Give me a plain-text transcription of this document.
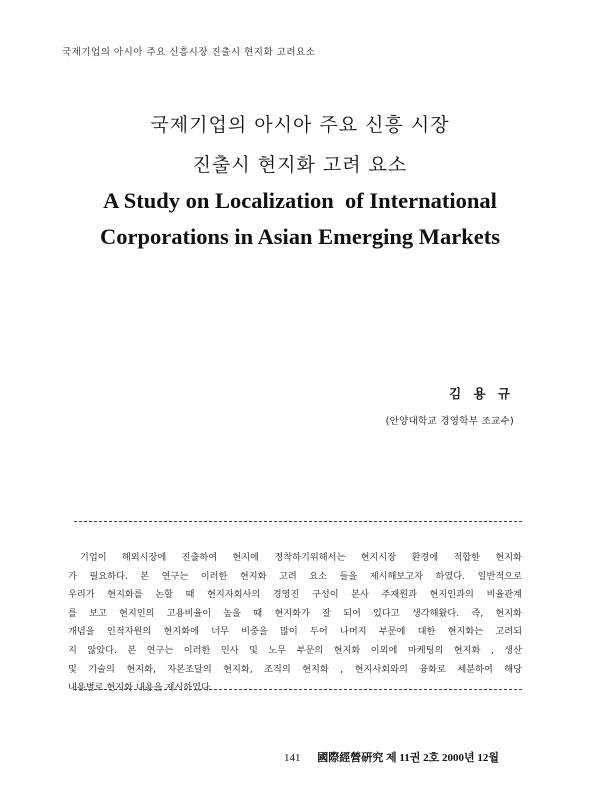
국제기업의 아시아 주요 신흥시장 진출시 현지화 고려요소
국제기업의 아시아 주요 신흥 시장
진출시 현지화 고려 요소
A Study on Localization  of International
Corporations in Asian Emerging Markets
김 용 규
(안양대학교 경영학부 조교수)
기업이 해외시장에 진출하여 현지에 정착하기위해서는 현지시장 환경에 적합한 현지화
가 필요하다. 본 연구는 이러한 현지화 고려 요소 들을 제시해보고자 하였다. 일반적으로
우리가 현지화를 논할 때 현지자회사의 경영진 구성이 본사 주재원과 현지인과의 비율관계
를 보고 현지인의 고용비율이 높을 때 현지화가 잘 되어 있다고 생각해왔다. 즉, 현지화
개념을 인적자원의 현지화에 너무 비중을 많이 두어 나머지 부문에 대한 현지화는 고려되
지 않았다. 본 연구는 이러한 인사 및 노무 부문의 현지화 이외에 마케팅의 현지화 , 생산
및 기술의 현지화, 자본조달의 현지화, 조직의 현지화 , 현지사회와의 융화로 세분하여 해당
내용별로 현지화 내용을 제시하였다
141 國際經營硏究 제 11권 2호 2000년 12월
